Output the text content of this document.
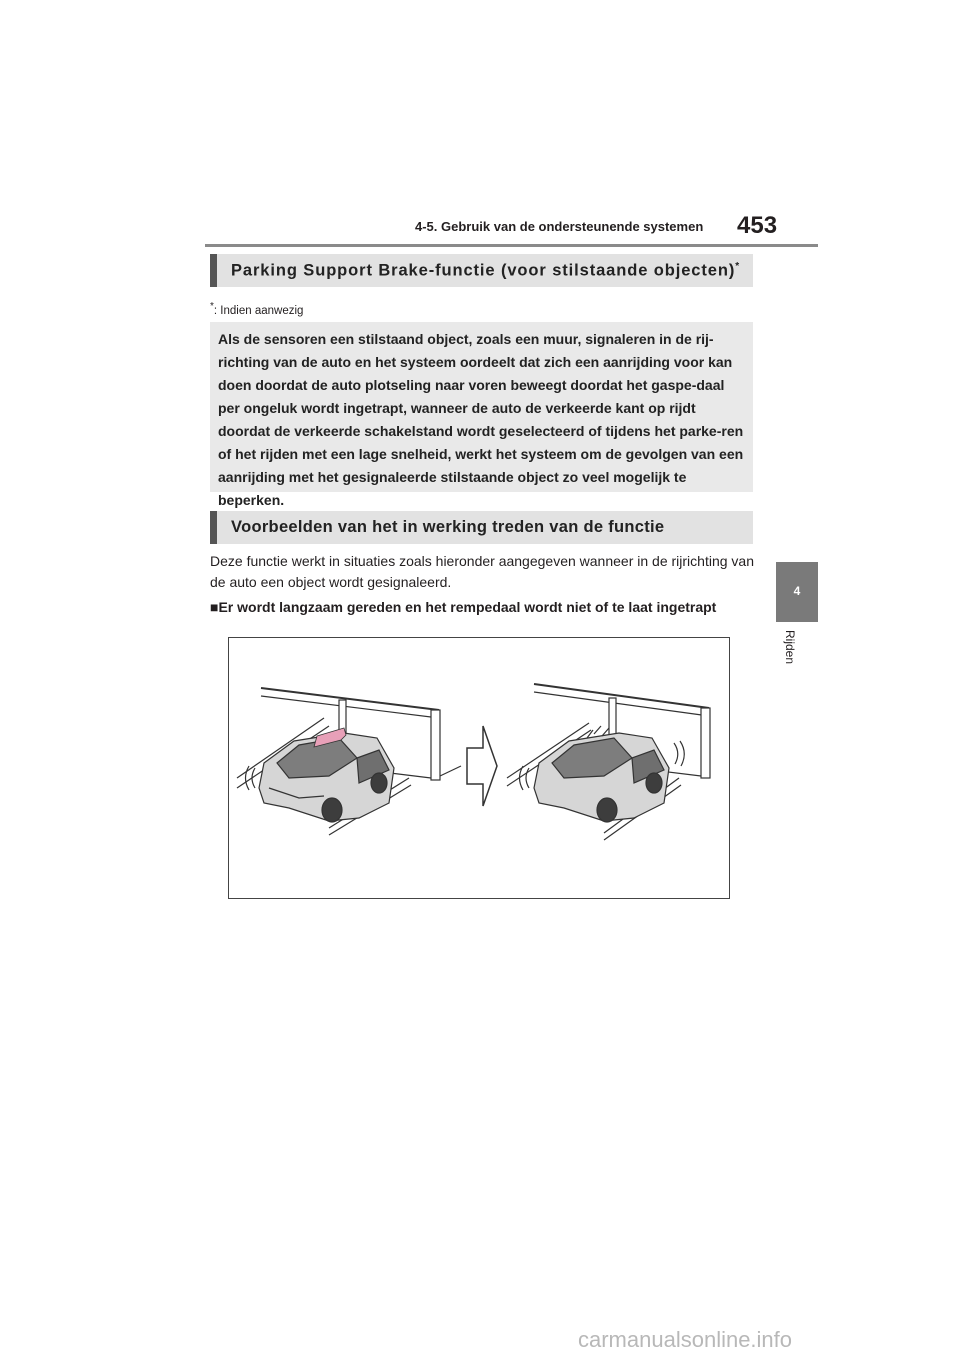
4-5. Gebruik van de ondersteunende systemen 453
4
Rijden
Parking Support Brake-functie (voor stilstaande objecten)*
*: Indien aanwezig
Als de sensoren een stilstaand object, zoals een muur, signaleren in de rij-richting van de auto en het systeem oordeelt dat zich een aanrijding voor kan doen doordat de auto plotseling naar voren beweegt doordat het gaspe-daal per ongeluk wordt ingetrapt, wanneer de auto de verkeerde kant op rijdt doordat de verkeerde schakelstand wordt geselecteerd of tijdens het parke-ren of het rijden met een lage snelheid, werkt het systeem om de gevolgen van een aanrijding met het gesignaleerde stilstaande object zo veel mogelijk te beperken.
Voorbeelden van het in werking treden van de functie
Deze functie werkt in situaties zoals hieronder aangegeven wanneer in de rijrichting van de auto een object wordt gesignaleerd.
■Er wordt langzaam gereden en het rempedaal wordt niet of te laat ingetrapt
carmanualsonline.info
